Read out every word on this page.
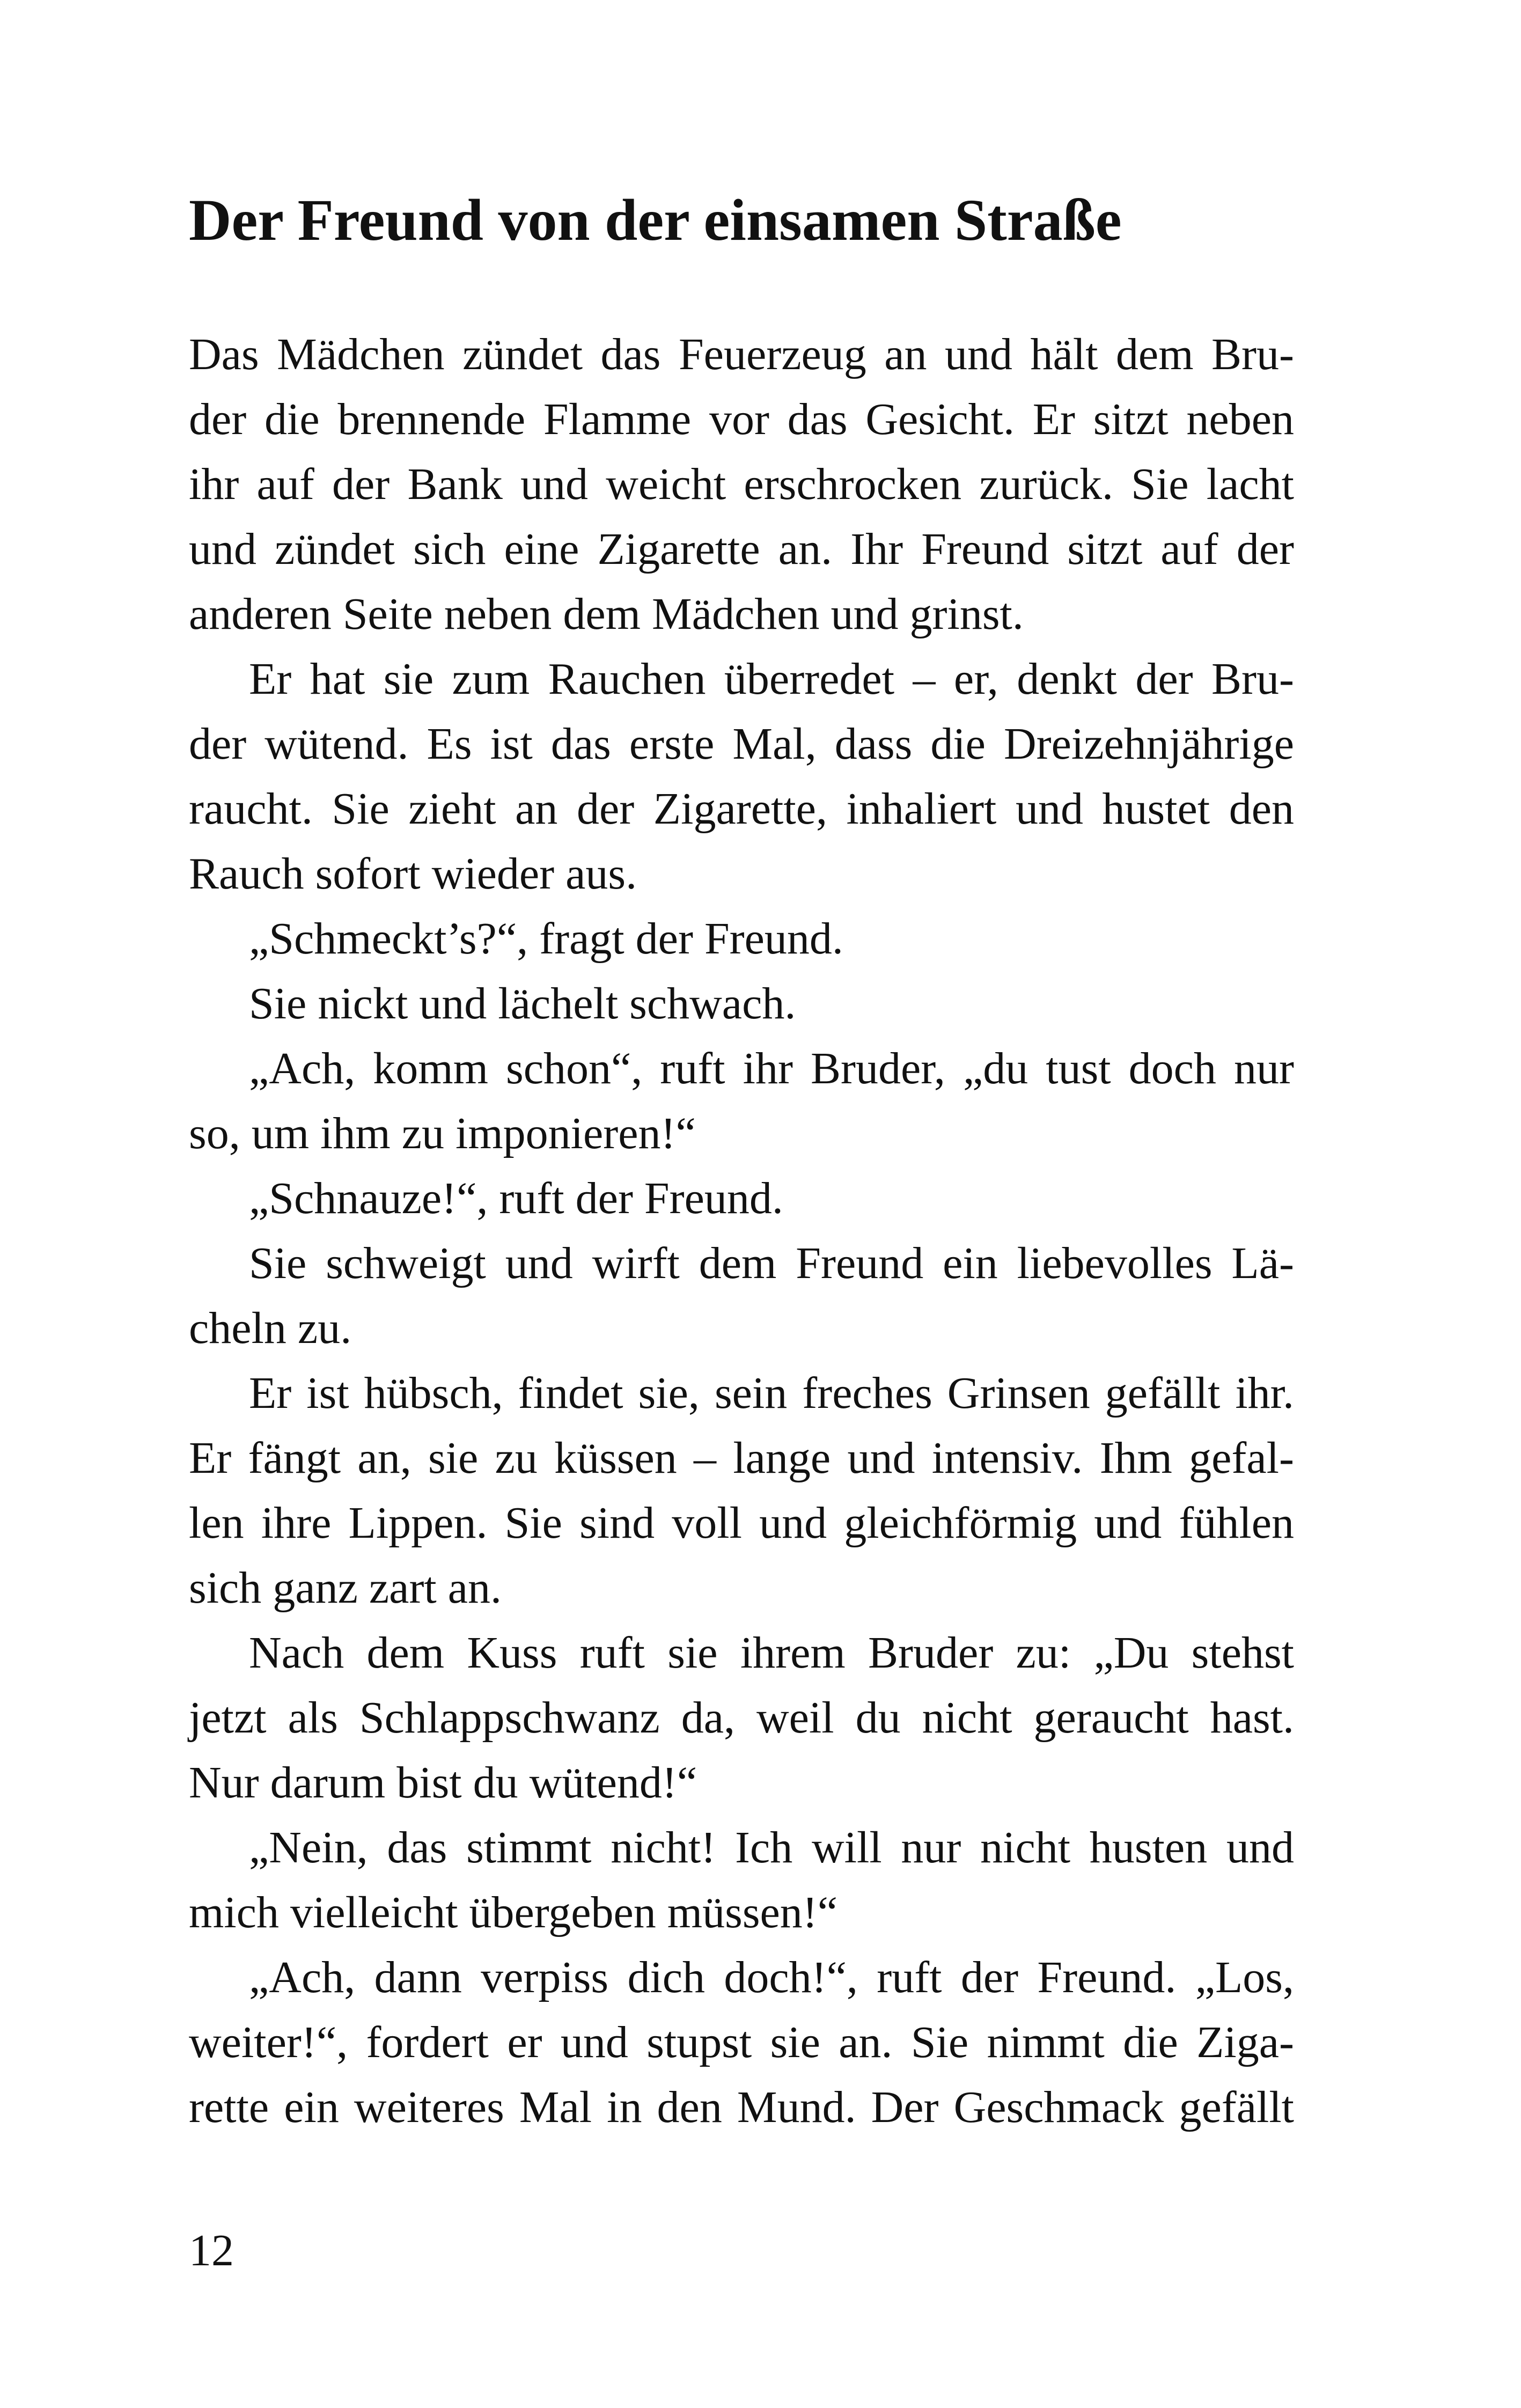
Der Freund von der einsamen Straße
Das Mädchen zündet das Feuerzeug an und hält dem Bru-
der die brennende Flamme vor das Gesicht. Er sitzt neben
ihr auf der Bank und weicht erschrocken zurück. Sie lacht
und zündet sich eine Zigarette an. Ihr Freund sitzt auf der
anderen Seite neben dem Mädchen und grinst.
Er hat sie zum Rauchen überredet – er, denkt der Bru-
der wütend. Es ist das erste Mal, dass die Dreizehnjährige
raucht. Sie zieht an der Zigarette, inhaliert und hustet den
Rauch sofort wieder aus.
„Schmeckt’s?“, fragt der Freund.
Sie nickt und lächelt schwach.
„Ach, komm schon“, ruft ihr Bruder, „du tust doch nur
so, um ihm zu imponieren!“
„Schnauze!“, ruft der Freund.
Sie schweigt und wirft dem Freund ein liebevolles Lä-
cheln zu.
Er ist hübsch, findet sie, sein freches Grinsen gefällt ihr.
Er fängt an, sie zu küssen – lange und intensiv. Ihm gefal-
len ihre Lippen. Sie sind voll und gleichförmig und fühlen
sich ganz zart an.
Nach dem Kuss ruft sie ihrem Bruder zu: „Du stehst
jetzt als Schlappschwanz da, weil du nicht geraucht hast.
Nur darum bist du wütend!“
„Nein, das stimmt nicht! Ich will nur nicht husten und
mich vielleicht übergeben müssen!“
„Ach, dann verpiss dich doch!“, ruft der Freund. „Los,
weiter!“, fordert er und stupst sie an. Sie nimmt die Ziga-
rette ein weiteres Mal in den Mund. Der Geschmack gefällt
12
